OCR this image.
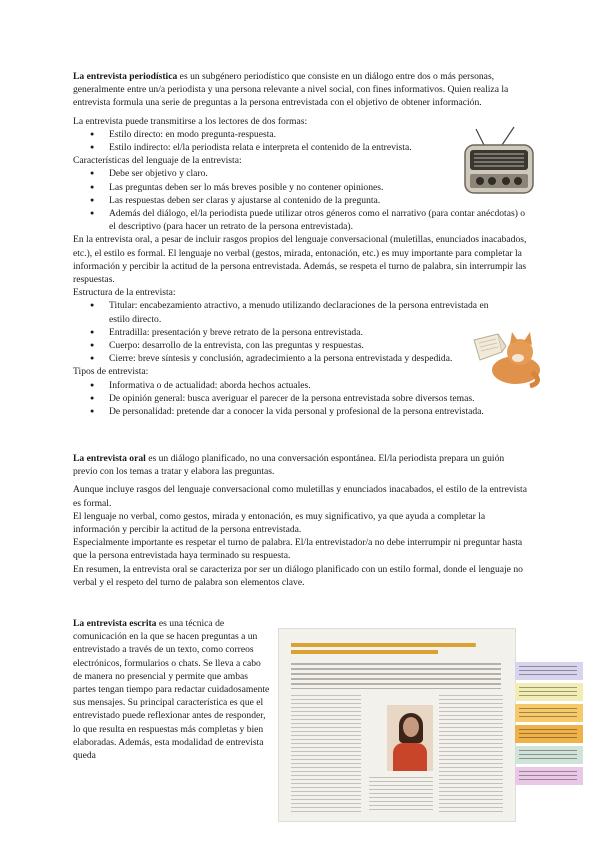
La entrevista periodística es un subgénero periodístico que consiste en un diálogo entre dos o más personas, generalmente entre un/a periodista y una persona relevante a nivel social, con fines informativos. Quien realiza la entrevista formula una serie de preguntas a la persona entrevistada con el objetivo de obtener información.

La entrevista puede transmitirse a los lectores de dos formas:

● Estilo directo: en modo pregunta-respuesta.
● Estilo indirecto: el/la periodista relata e interpreta el contenido de la entrevista.

Características del lenguaje de la entrevista:

● Debe ser objetivo y claro.
● Las preguntas deben ser lo más breves posible y no contener opiniones.
● Las respuestas deben ser claras y ajustarse al contenido de la pregunta.
● Además del diálogo, el/la periodista puede utilizar otros géneros como el narrativo (para contar anécdotas) o el descriptivo (para hacer un retrato de la persona entrevistada).

En la entrevista oral, a pesar de incluir rasgos propios del lenguaje conversacional (muletillas, enunciados inacabados, etc.), el estilo es formal. El lenguaje no verbal (gestos, mirada, entonación, etc.) es muy importante para completar la información y percibir la actitud de la persona entrevistada. Además, se respeta el turno de palabra, sin interrumpir las respuestas.

Estructura de la entrevista:

● Titular: encabezamiento atractivo, a menudo utilizando declaraciones de la persona entrevistada en estilo directo.
● Entradilla: presentación y breve retrato de la persona entrevistada.
● Cuerpo: desarrollo de la entrevista, con las preguntas y respuestas.
● Cierre: breve síntesis y conclusión, agradecimiento a la persona entrevistada y despedida.

Tipos de entrevista:

● Informativa o de actualidad: aborda hechos actuales.
● De opinión general: busca averiguar el parecer de la persona entrevistada sobre diversos temas.
● De personalidad: pretende dar a conocer la vida personal y profesional de la persona entrevistada.

La entrevista oral es un diálogo planificado, no una conversación espontánea. El/la periodista prepara un guión previo con los temas a tratar y elabora las preguntas.

Aunque incluye rasgos del lenguaje conversacional como muletillas y enunciados inacabados, el estilo de la entrevista es formal.

El lenguaje no verbal, como gestos, mirada y entonación, es muy significativo, ya que ayuda a completar la información y percibir la actitud de la persona entrevistada.

Especialmente importante es respetar el turno de palabra. El/la entrevistador/a no debe interrumpir ni preguntar hasta que la persona entrevistada haya terminado su respuesta.

En resumen, la entrevista oral se caracteriza por ser un diálogo planificado con un estilo formal, donde el lenguaje no verbal y el respeto del turno de palabra son elementos clave.

La entrevista escrita es una técnica de comunicación en la que se hacen preguntas a un entrevistado a través de un texto, como correos electrónicos, formularios o chats. Se lleva a cabo de manera no presencial y permite que ambas partes tengan tiempo para redactar cuidadosamente sus mensajes. Su principal característica es que el entrevistado puede reflexionar antes de responder, lo que resulta en respuestas más completas y bien elaboradas. Además, esta modalidad de entrevista queda
